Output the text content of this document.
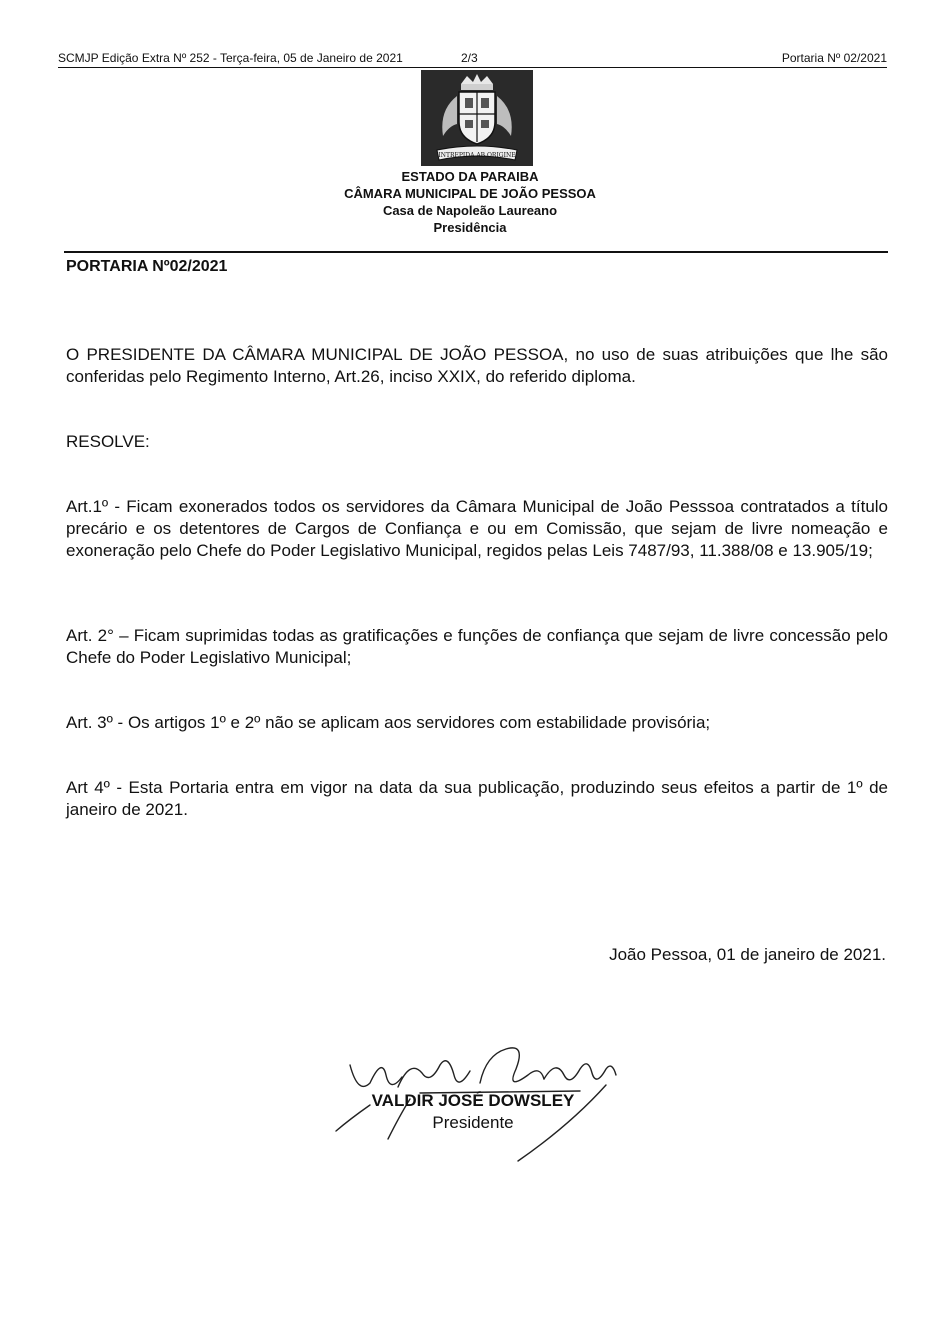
SCMJP Edição Extra Nº 252 - Terça-feira, 05 de Janeiro de 2021	2/3	Portaria Nº 02/2021
INTREPIDA AB ORIGINE
ESTADO DA PARAIBA
CÂMARA MUNICIPAL DE JOÃO PESSOA
Casa de Napoleão Laureano
Presidência
PORTARIA Nº02/2021
O PRESIDENTE DA CÂMARA MUNICIPAL DE JOÃO PESSOA, no uso de suas atribuições que lhe são conferidas pelo Regimento Interno, Art.26, inciso XXIX, do referido diploma.
RESOLVE:
Art.1º - Ficam exonerados todos os servidores da Câmara Municipal de João Pesssoa contratados a título precário e os detentores de Cargos de Confiança e ou em Comissão, que sejam de livre nomeação e exoneração pelo Chefe do Poder Legislativo Municipal, regidos pelas Leis 7487/93, 11.388/08 e 13.905/19;
Art. 2° – Ficam suprimidas todas as gratificações e funções de confiança que sejam de livre concessão pelo Chefe do Poder Legislativo Municipal;
Art. 3º - Os artigos 1º e 2º não se aplicam aos servidores com estabilidade provisória;
Art 4º - Esta Portaria entra em vigor na data da sua publicação, produzindo seus efeitos a partir de 1º de janeiro de 2021.
João Pessoa, 01 de janeiro de 2021.
VALDIR JOSÉ DOWSLEY
Presidente
